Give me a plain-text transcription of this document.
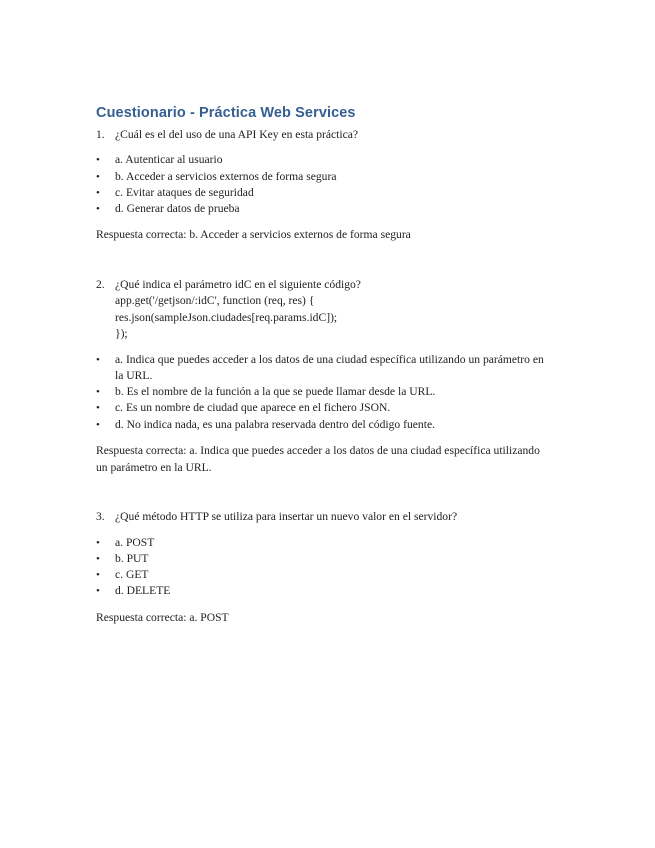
Cuestionario - Práctica Web Services
1. ¿Cuál es el del uso de una API Key en esta práctica?
• a. Autenticar al usuario
• b. Acceder a servicios externos de forma segura
• c. Evitar ataques de seguridad
• d. Generar datos de prueba
Respuesta correcta: b. Acceder a servicios externos de forma segura
2. ¿Qué indica el parámetro idC en el siguiente código?
app.get('/getjson/:idC', function (req, res) {
res.json(sampleJson.ciudades[req.params.idC]);
});
• a. Indica que puedes acceder a los datos de una ciudad específica utilizando un parámetro en la URL.
• b. Es el nombre de la función a la que se puede llamar desde la URL.
• c. Es un nombre de ciudad que aparece en el fichero JSON.
• d. No indica nada, es una palabra reservada dentro del código fuente.
Respuesta correcta: a. Indica que puedes acceder a los datos de una ciudad específica utilizando un parámetro en la URL.
3. ¿Qué método HTTP se utiliza para insertar un nuevo valor en el servidor?
• a. POST
• b. PUT
• c. GET
• d. DELETE
Respuesta correcta: a. POST
